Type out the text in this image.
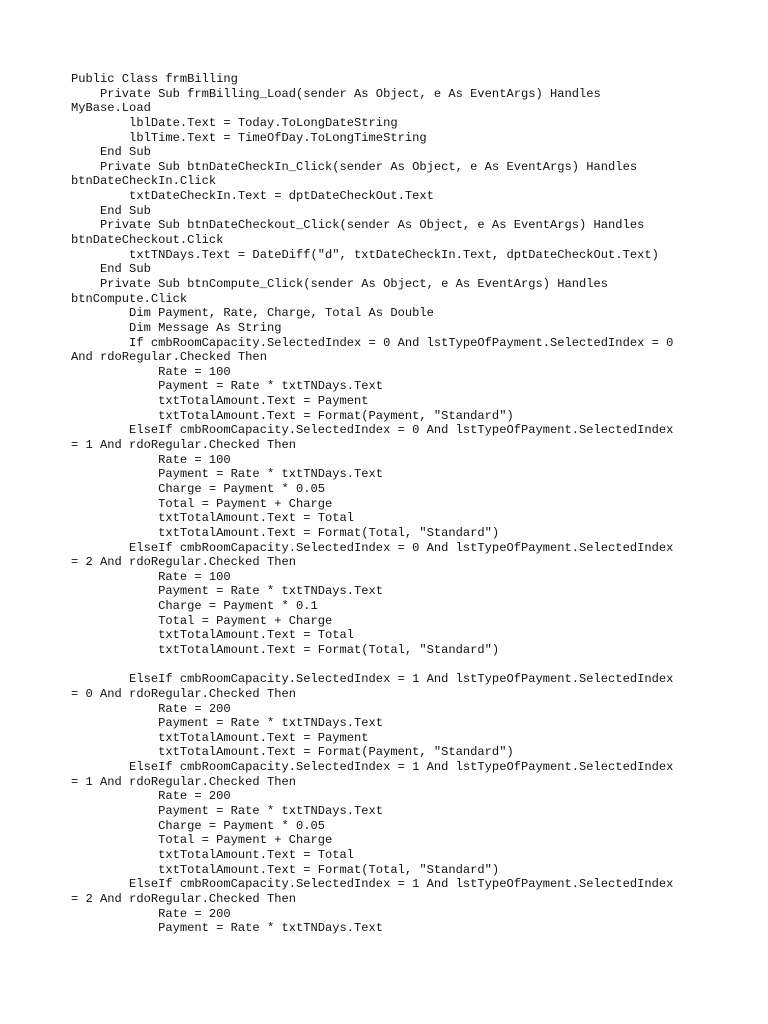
Public Class frmBilling
Private Sub frmBilling_Load(sender As Object, e As EventArgs) Handles
MyBase.Load
lblDate.Text = Today.ToLongDateString
lblTime.Text = TimeOfDay.ToLongTimeString
End Sub
Private Sub btnDateCheckIn_Click(sender As Object, e As EventArgs) Handles
btnDateCheckIn.Click
txtDateCheckIn.Text = dptDateCheckOut.Text
End Sub
Private Sub btnDateCheckout_Click(sender As Object, e As EventArgs) Handles
btnDateCheckout.Click
txtTNDays.Text = DateDiff("d", txtDateCheckIn.Text, dptDateCheckOut.Text)
End Sub
Private Sub btnCompute_Click(sender As Object, e As EventArgs) Handles
btnCompute.Click
Dim Payment, Rate, Charge, Total As Double
Dim Message As String
If cmbRoomCapacity.SelectedIndex = 0 And lstTypeOfPayment.SelectedIndex = 0
And rdoRegular.Checked Then
Rate = 100
Payment = Rate * txtTNDays.Text
txtTotalAmount.Text = Payment
txtTotalAmount.Text = Format(Payment, "Standard")
ElseIf cmbRoomCapacity.SelectedIndex = 0 And lstTypeOfPayment.SelectedIndex
= 1 And rdoRegular.Checked Then
Rate = 100
Payment = Rate * txtTNDays.Text
Charge = Payment * 0.05
Total = Payment + Charge
txtTotalAmount.Text = Total
txtTotalAmount.Text = Format(Total, "Standard")
ElseIf cmbRoomCapacity.SelectedIndex = 0 And lstTypeOfPayment.SelectedIndex
= 2 And rdoRegular.Checked Then
Rate = 100
Payment = Rate * txtTNDays.Text
Charge = Payment * 0.1
Total = Payment + Charge
txtTotalAmount.Text = Total
txtTotalAmount.Text = Format(Total, "Standard")
ElseIf cmbRoomCapacity.SelectedIndex = 1 And lstTypeOfPayment.SelectedIndex
= 0 And rdoRegular.Checked Then
Rate = 200
Payment = Rate * txtTNDays.Text
txtTotalAmount.Text = Payment
txtTotalAmount.Text = Format(Payment, "Standard")
ElseIf cmbRoomCapacity.SelectedIndex = 1 And lstTypeOfPayment.SelectedIndex
= 1 And rdoRegular.Checked Then
Rate = 200
Payment = Rate * txtTNDays.Text
Charge = Payment * 0.05
Total = Payment + Charge
txtTotalAmount.Text = Total
txtTotalAmount.Text = Format(Total, "Standard")
ElseIf cmbRoomCapacity.SelectedIndex = 1 And lstTypeOfPayment.SelectedIndex
= 2 And rdoRegular.Checked Then
Rate = 200
Payment = Rate * txtTNDays.Text
